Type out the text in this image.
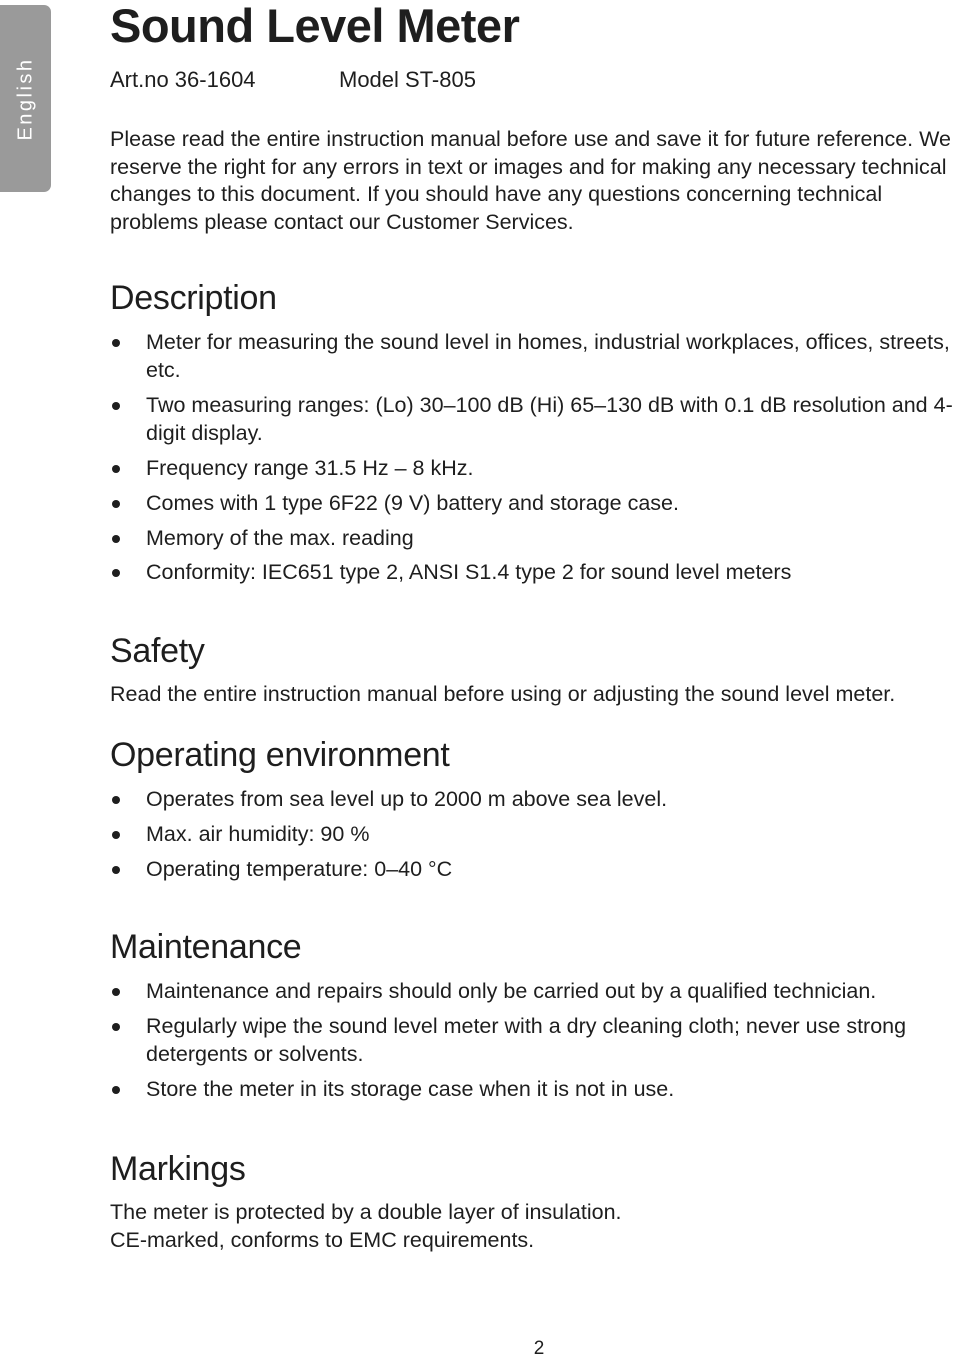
English
Sound Level Meter
Art.no 36-1604	Model ST-805

Please read the entire instruction manual before use and save it for future reference. We reserve the right for any errors in text or images and for making any necessary technical changes to this document. If you should have any questions concerning technical problems please contact our Customer Services.

Description
Meter for measuring the sound level in homes, industrial workplaces, offices, streets, etc.
Two measuring ranges: (Lo) 30–100 dB (Hi) 65–130 dB with 0.1 dB resolution and 4-digit display.
Frequency range 31.5 Hz – 8 kHz.
Comes with 1 type 6F22 (9 V) battery and storage case.
Memory of the max. reading
Conformity: IEC651 type 2, ANSI S1.4 type 2 for sound level meters
Safety

Read the entire instruction manual before using or adjusting the sound level meter.

Operating environment
Operates from sea level up to 2000 m above sea level.
Max. air humidity: 90 %
Operating temperature: 0–40 °C
Maintenance
Maintenance and repairs should only be carried out by a qualified technician.
Regularly wipe the sound level meter with a dry cleaning cloth; never use strong detergents or solvents.
Store the meter in its storage case when it is not in use.
Markings

The meter is protected by a double layer of insulation.

CE-marked, conforms to EMC requirements.

2
